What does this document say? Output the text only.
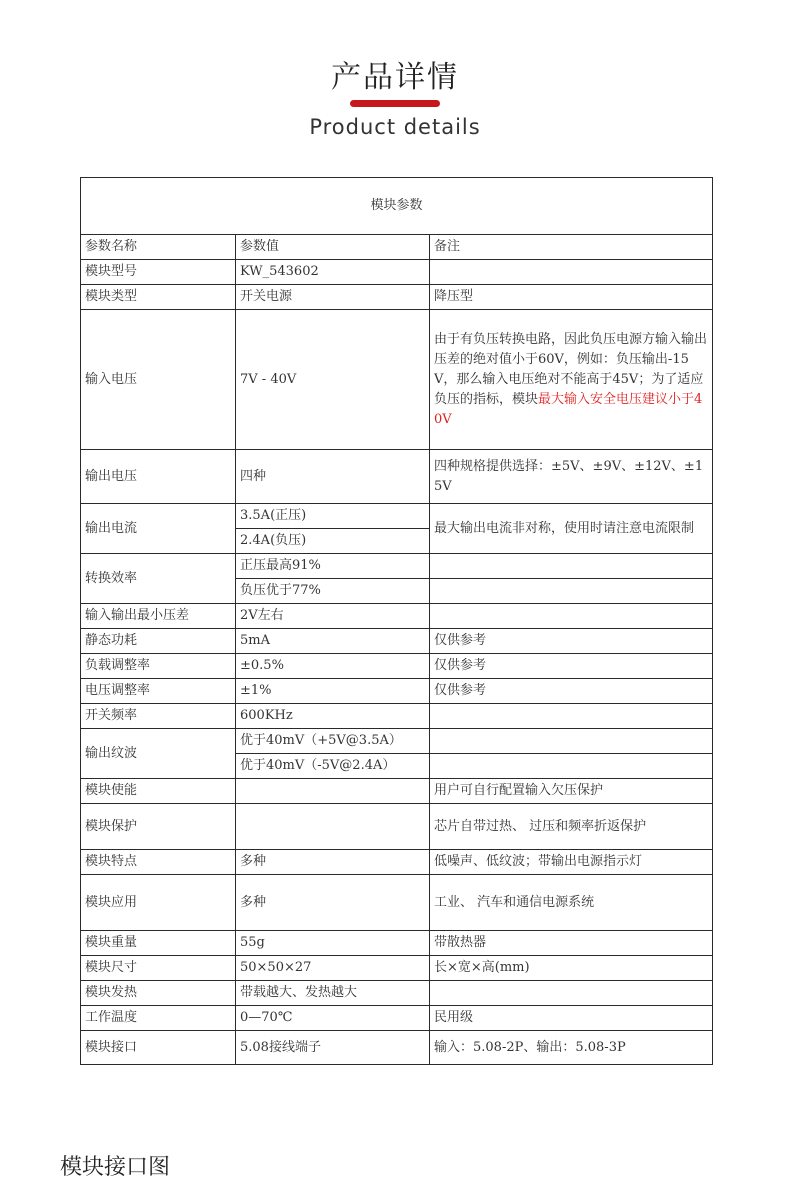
产品详情
Product details
模块参数		
参数名称	参数值	备注
模块型号	KW_543602	
模块类型	开关电源	降压型
输入电压	7V - 40V	由于有负压转换电路，因此负压电源方输入输出压差的绝对值小于60V，例如：负压输出-15V，那么输入电压绝对不能高于45V；为了适应负压的指标，模块最大输入安全电压建议小于40V
输出电压	四种	四种规格提供选择：±5V、±9V、±12V、±15V
输出电流	3.5A(正压)	最大输出电流非对称，使用时请注意电流限制
	2.4A(负压)	
转换效率	正压最高91%	
	负压优于77%	
输入输出最小压差	2V左右	
静态功耗	5mA	仅供参考
负载调整率	±0.5%	仅供参考
电压调整率	±1%	仅供参考
开关频率	600KHz	
输出纹波	优于40mV（+5V@3.5A）	
	优于40mV（-5V@2.4A）	
模块使能		用户可自行配置输入欠压保护
模块保护		芯片自带过热、 过压和频率折返保护
模块特点	多种	低噪声、低纹波；带输出电源指示灯
模块应用	多种	工业、 汽车和通信电源系统
模块重量	55g	带散热器
模块尺寸	50×50×27	长×宽×高(mm)
模块发热	带载越大、发热越大	
工作温度	0—70℃	民用级
模块接口	5.08接线端子	输入：5.08-2P、输出：5.08-3P
模块接口图
